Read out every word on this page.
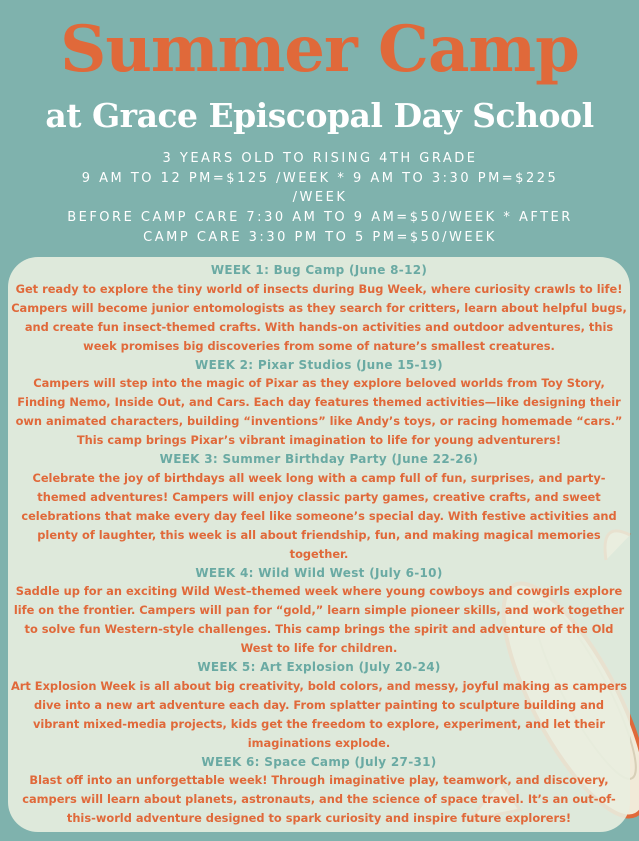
Summer Camp
at Grace Episcopal Day School
3 YEARS OLD TO RISING 4TH GRADE
9 AM TO 12 PM=$125 /WEEK * 9 AM TO 3:30 PM=$225 /WEEK
BEFORE CAMP CARE 7:30 AM TO 9 AM=$50/WEEK * AFTER CAMP CARE 3:30 PM TO 5 PM=$50/WEEK
WEEK 1: Bug Camp (June 8-12)
Get ready to explore the tiny world of insects during Bug Week, where curiosity crawls to life! Campers will become junior entomologists as they search for critters, learn about helpful bugs, and create fun insect-themed crafts. With hands-on activities and outdoor adventures, this week promises big discoveries from some of nature’s smallest creatures.
WEEK 2: Pixar Studios (June 15-19)
Campers will step into the magic of Pixar as they explore beloved worlds from Toy Story, Finding Nemo, Inside Out, and Cars. Each day features themed activities—like designing their own animated characters, building “inventions” like Andy’s toys, or racing homemade “cars.” This camp brings Pixar’s vibrant imagination to life for young adventurers!
WEEK 3: Summer Birthday Party (June 22-26)
Celebrate the joy of birthdays all week long with a camp full of fun, surprises, and party-themed adventures! Campers will enjoy classic party games, creative crafts, and sweet celebrations that make every day feel like someone’s special day. With festive activities and plenty of laughter, this week is all about friendship, fun, and making magical memories together.
WEEK 4: Wild Wild West (July 6-10)
Saddle up for an exciting Wild West–themed week where young cowboys and cowgirls explore life on the frontier. Campers will pan for “gold,” learn simple pioneer skills, and work together to solve fun Western-style challenges. This camp brings the spirit and adventure of the Old West to life for children.
WEEK 5: Art Explosion (July 20-24)
Art Explosion Week is all about big creativity, bold colors, and messy, joyful making as campers dive into a new art adventure each day. From splatter painting to sculpture building and vibrant mixed-media projects, kids get the freedom to explore, experiment, and let their imaginations explode.
WEEK 6: Space Camp (July 27-31)
Blast off into an unforgettable week! Through imaginative play, teamwork, and discovery, campers will learn about planets, astronauts, and the science of space travel. It’s an out-of-this-world adventure designed to spark curiosity and inspire future explorers!
